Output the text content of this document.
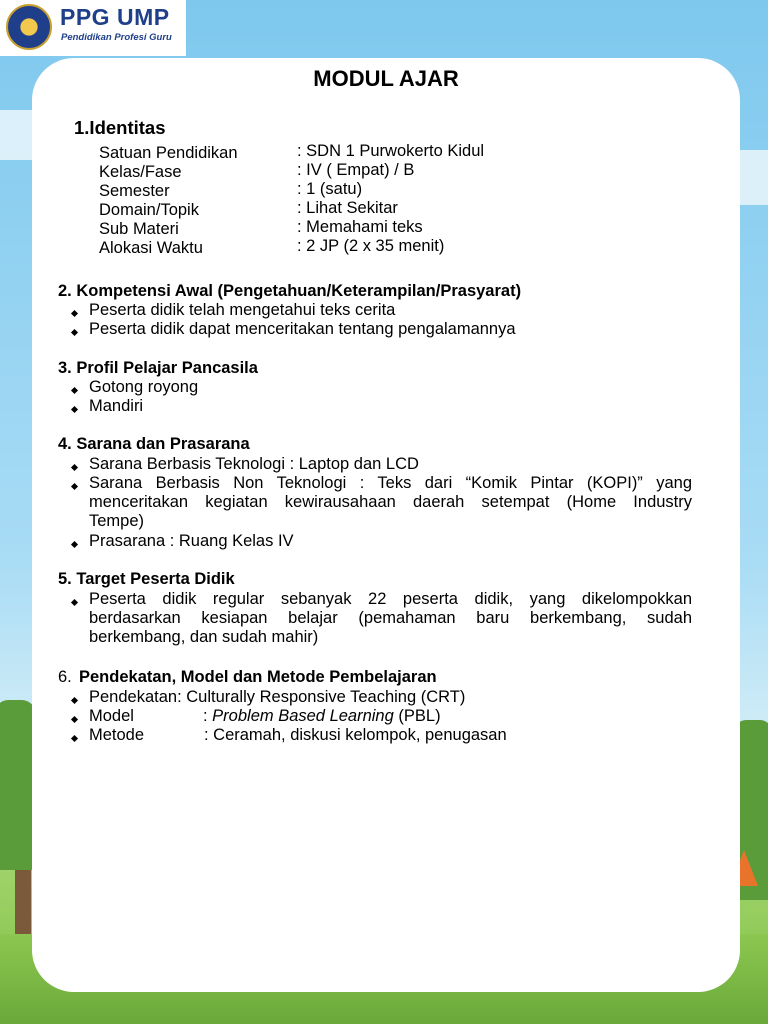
PPG UMP
Pendidikan Profesi Guru
MODUL AJAR
1.Identitas
Satuan Pendidikan	: SDN 1 Purwokerto Kidul
Kelas/Fase	: IV ( Empat) / B
Semester	: 1 (satu)
Domain/Topik	: Lihat Sekitar
Sub Materi	: Memahami teks
Alokasi Waktu	: 2 JP (2 x 35 menit)
2. Kompetensi Awal (Pengetahuan/Keterampilan/Prasyarat)
Peserta didik telah mengetahui teks cerita
Peserta didik dapat menceritakan tentang pengalamannya
3. Profil Pelajar Pancasila
Gotong royong
Mandiri
4. Sarana dan Prasarana
Sarana Berbasis Teknologi : Laptop dan LCD
Sarana Berbasis Non Teknologi : Teks dari “Komik Pintar (KOPI)” yang
menceritakan kegiatan kewirausahaan daerah setempat (Home Industry
Tempe)
Prasarana : Ruang Kelas IV
5. Target Peserta Didik
Peserta didik regular sebanyak 22 peserta didik, yang dikelompokkan
berdasarkan kesiapan belajar (pemahaman baru berkembang, sudah
berkembang, dan sudah mahir)
6. Pendekatan, Model dan Metode Pembelajaran
Pendekatan: Culturally Responsive Teaching (CRT)
Model	: Problem Based Learning (PBL)
Metode	: Ceramah, diskusi kelompok, penugasan
